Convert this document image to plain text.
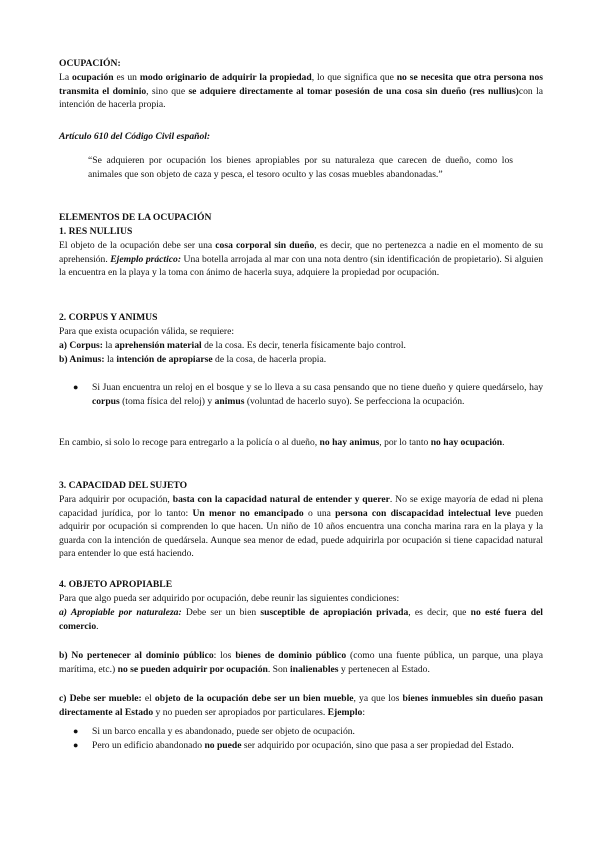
OCUPACIÓN:
La ocupación es un modo originario de adquirir la propiedad, lo que significa que no se necesita que otra persona nos transmita el dominio, sino que se adquiere directamente al tomar posesión de una cosa sin dueño (res nullius)con la intención de hacerla propia.
Artículo 610 del Código Civil español:
“Se adquieren por ocupación los bienes apropiables por su naturaleza que carecen de dueño, como los animales que son objeto de caza y pesca, el tesoro oculto y las cosas muebles abandonadas.”
ELEMENTOS DE LA OCUPACIÓN
1. RES NULLIUS
El objeto de la ocupación debe ser una cosa corporal sin dueño, es decir, que no pertenezca a nadie en el momento de su aprehensión. Ejemplo práctico: Una botella arrojada al mar con una nota dentro (sin identificación de propietario). Si alguien la encuentra en la playa y la toma con ánimo de hacerla suya, adquiere la propiedad por ocupación.
2. CORPUS Y ANIMUS
Para que exista ocupación válida, se requiere:
a) Corpus: la aprehensión material de la cosa. Es decir, tenerla físicamente bajo control.
b) Animus: la intención de apropiarse de la cosa, de hacerla propia.
●	Si Juan encuentra un reloj en el bosque y se lo lleva a su casa pensando que no tiene dueño y quiere quedárselo, hay corpus (toma física del reloj) y animus (voluntad de hacerlo suyo). Se perfecciona la ocupación.
En cambio, si solo lo recoge para entregarlo a la policía o al dueño, no hay animus, por lo tanto no hay ocupación.
3. CAPACIDAD DEL SUJETO
Para adquirir por ocupación, basta con la capacidad natural de entender y querer. No se exige mayoría de edad ni plena capacidad jurídica, por lo tanto: Un menor no emancipado o una persona con discapacidad intelectual leve pueden adquirir por ocupación si comprenden lo que hacen. Un niño de 10 años encuentra una concha marina rara en la playa y la guarda con la intención de quedársela. Aunque sea menor de edad, puede adquirirla por ocupación si tiene capacidad natural para entender lo que está haciendo.
4. OBJETO APROPIABLE
Para que algo pueda ser adquirido por ocupación, debe reunir las siguientes condiciones:
a) Apropiable por naturaleza: Debe ser un bien susceptible de apropiación privada, es decir, que no esté fuera del comercio.
b) No pertenecer al dominio público: los bienes de dominio público (como una fuente pública, un parque, una playa marítima, etc.) no se pueden adquirir por ocupación. Son inalienables y pertenecen al Estado.
c) Debe ser mueble: el objeto de la ocupación debe ser un bien mueble, ya que los bienes inmuebles sin dueño pasan directamente al Estado y no pueden ser apropiados por particulares. Ejemplo:
●	Si un barco encalla y es abandonado, puede ser objeto de ocupación.
●	Pero un edificio abandonado no puede ser adquirido por ocupación, sino que pasa a ser propiedad del Estado.
